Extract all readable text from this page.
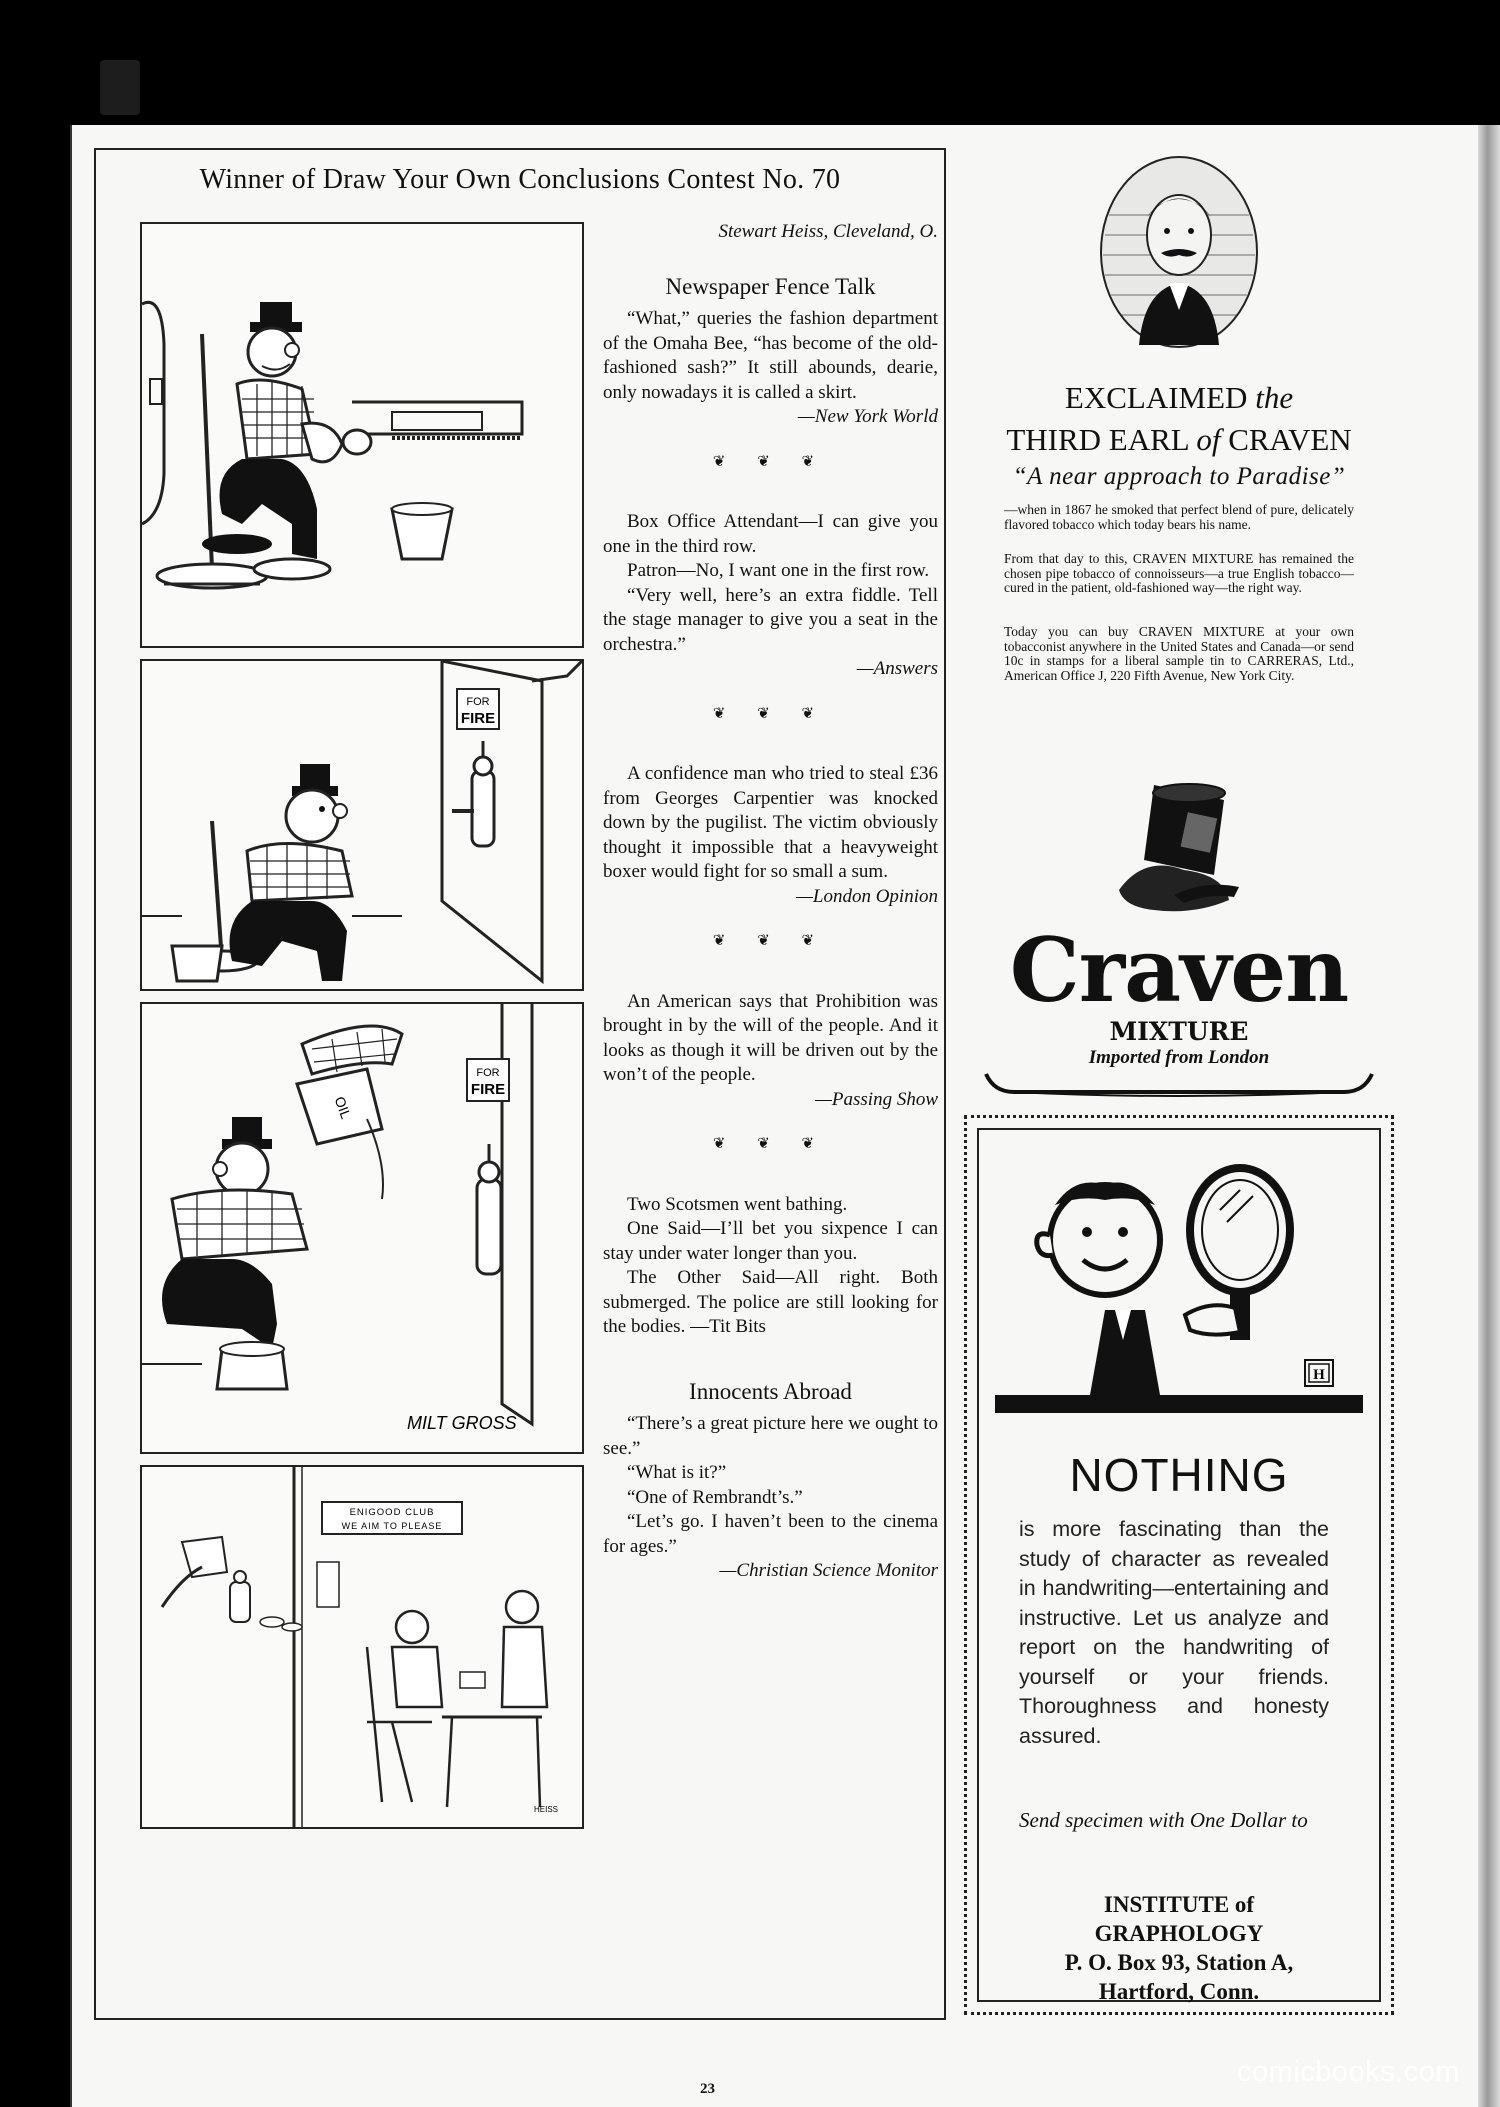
Winner of Draw Your Own Conclusions Contest No. 70
FOR
FIRE
FOR
FIRE
OIL
MILT GROSS
ENIGOOD CLUB
WE AIM TO PLEASE
HEISS
Stewart Heiss, Cleveland, O.
Newspaper Fence Talk

“What,” queries the fashion department of the Omaha Bee, “has become of the old-fashioned sash?” It still abounds, dearie, only nowadays it is called a skirt.

—New York World

❦ ❦ ❦

Box Office Attendant—I can give you one in the third row.

Patron—No, I want one in the first row.

“Very well, here’s an extra fiddle. Tell the stage manager to give you a seat in the orchestra.”

—Answers

❦ ❦ ❦

A confidence man who tried to steal £36 from Georges Carpentier was knocked down by the pugilist. The victim obviously thought it impossible that a heavyweight boxer would fight for so small a sum.

—London Opinion

❦ ❦ ❦

An American says that Prohibition was brought in by the will of the people. And it looks as though it will be driven out by the won’t of the people.

—Passing Show

❦ ❦ ❦

Two Scotsmen went bathing.

One Said—I’ll bet you sixpence I can stay under water longer than you.

The Other Said—All right. Both submerged. The police are still looking for the bodies. —Tit Bits

Innocents Abroad

“There’s a great picture here we ought to see.”

“What is it?”

“One of Rembrandt’s.”

“Let’s go. I haven’t been to the cinema for ages.”

—Christian Science Monitor

EXCLAIMED the
THIRD EARL of CRAVEN
“A near approach to Paradise”
—when in 1867 he smoked that perfect blend of pure, delicately flavored tobacco which today bears his name.
From that day to this, CRAVEN MIXTURE has remained the chosen pipe tobacco of connoisseurs—a true English tobacco—cured in the patient, old-fashioned way—the right way.
Today you can buy CRAVEN MIXTURE at your own tobacconist anywhere in the United States and Canada—or send 10c in stamps for a liberal sample tin to CARRERAS, Ltd., American Office J, 220 Fifth Avenue, New York City.
Craven
MIXTURE
Imported from London
H
NOTHING
is more fascinating than the study of character as revealed in handwriting—entertaining and instructive. Let us analyze and report on the handwriting of yourself or your friends. Thoroughness and honesty assured.
Send specimen with One Dollar to
INSTITUTE of
GRAPHOLOGY
P. O. Box 93, Station A,
Hartford, Conn.
23
comicbooks.com
